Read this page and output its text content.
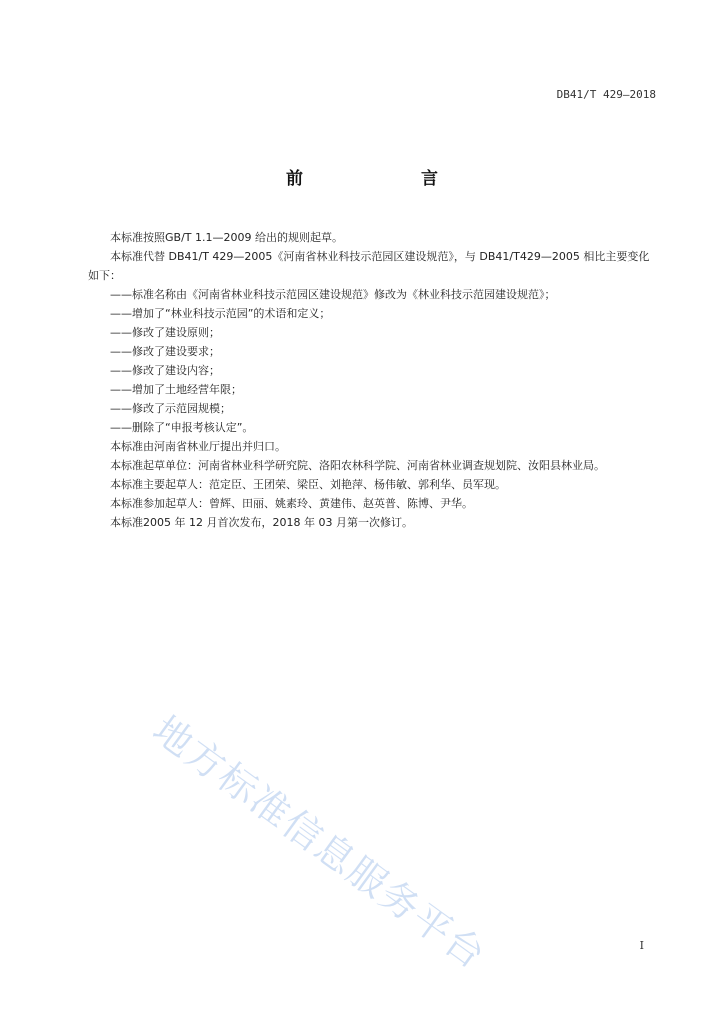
DB41/T 429—2018
前　　言

本标准按照GB/T 1.1—2009 给出的规则起草。

本标准代替 DB41/T 429—2005《河南省林业科技示范园区建设规范》，与 DB41/T429—2005 相比主要变化如下：

——标准名称由《河南省林业科技示范园区建设规范》修改为《林业科技示范园建设规范》；

——增加了“林业科技示范园”的术语和定义；

——修改了建设原则；

——修改了建设要求；

——修改了建设内容；

——增加了土地经营年限；

——修改了示范园规模；

——删除了“申报考核认定”。

本标准由河南省林业厅提出并归口。

本标准起草单位：河南省林业科学研究院、洛阳农林科学院、河南省林业调查规划院、汝阳县林业局。

本标准主要起草人：范定臣、王团荣、梁臣、刘艳萍、杨伟敏、郭利华、员军现。

本标准参加起草人：曾辉、田丽、姚素玲、黄建伟、赵英普、陈博、尹华。

本标准2005 年 12 月首次发布，2018 年 03 月第一次修订。

地方标准信息服务平台	I
